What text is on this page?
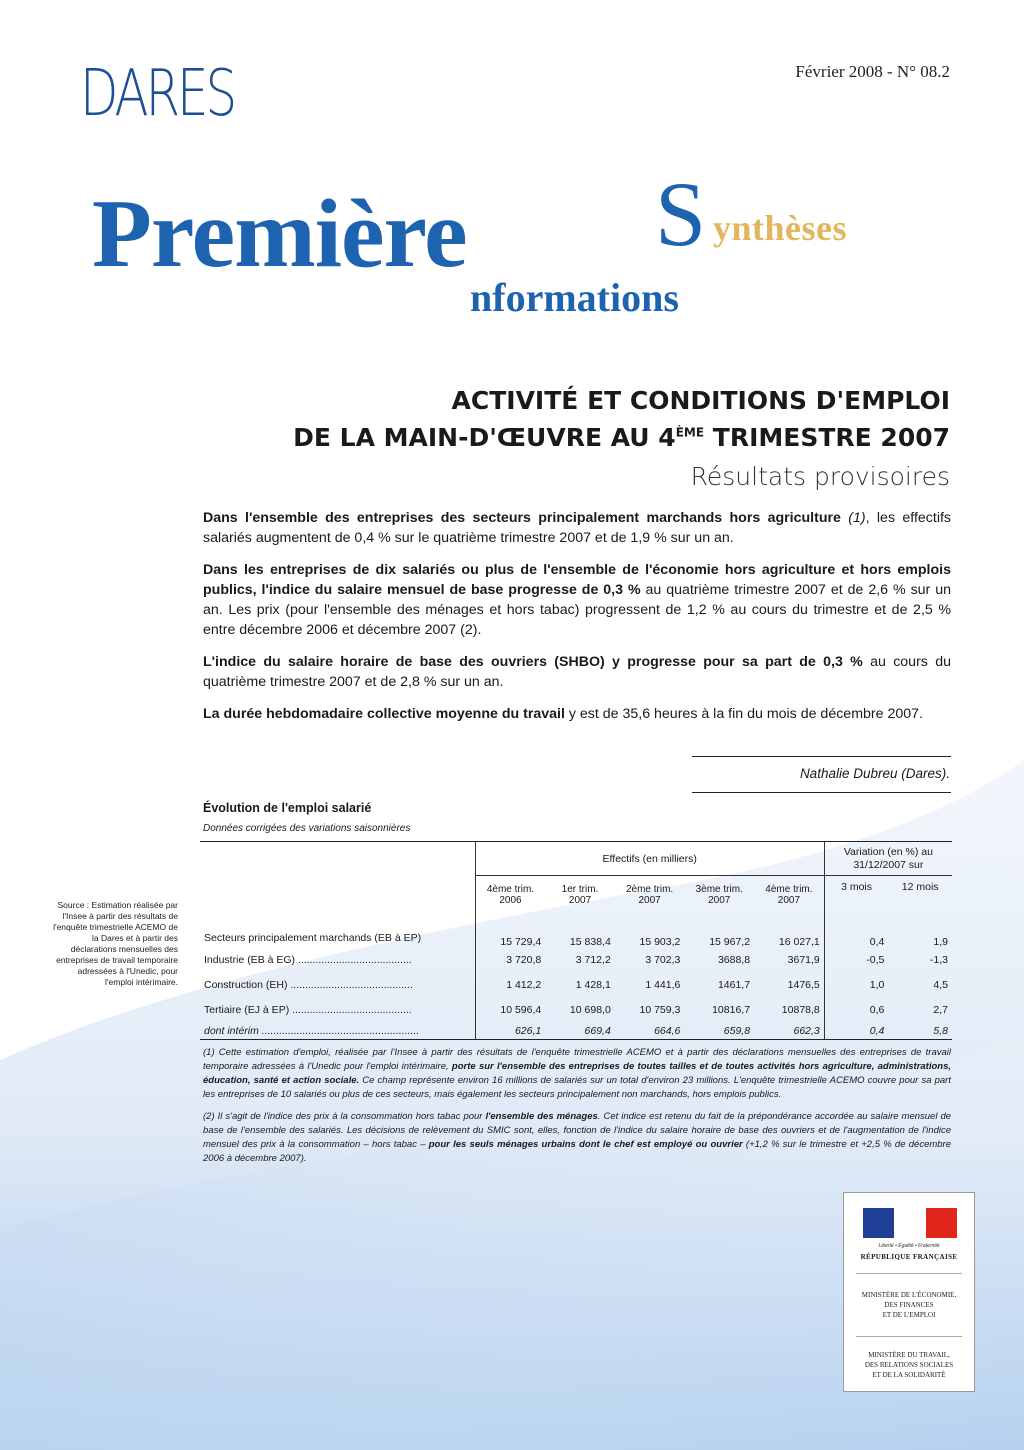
DARES	Février 2008 - N° 08.2
Première S ynthèses
nformations
ACTIVITÉ ET CONDITIONS D'EMPLOI
DE LA MAIN-D'ŒUVRE AU 4ÈME TRIMESTRE 2007
Résultats provisoires

Dans l'ensemble des entreprises des secteurs principalement marchands hors agriculture (1), les effectifs salariés augmentent de 0,4 % sur le quatrième trimestre 2007 et de 1,9 % sur un an.

Dans les entreprises de dix salariés ou plus de l'ensemble de l'économie hors agriculture et hors emplois publics, l'indice du salaire mensuel de base progresse de 0,3 % au quatrième trimestre 2007 et de 2,6 % sur un an. Les prix (pour l'ensemble des ménages et hors tabac) progressent de 1,2 % au cours du trimestre et de 2,5 % entre décembre 2006 et décembre 2007 (2).

L'indice du salaire horaire de base des ouvriers (SHBO) y progresse pour sa part de 0,3 % au cours du quatrième trimestre 2007 et de 2,8 % sur un an.

La durée hebdomadaire collective moyenne du travail y est de 35,6 heures à la fin du mois de décembre 2007.

Nathalie Dubreu (Dares).
Évolution de l'emploi salarié
Données corrigées des variations saisonnières
	Effectifs (en milliers)					Variation (en %) au 31/12/2007 sur	
	4ème trim. 2006	1er trim. 2007	2ème trim. 2007	3ème trim. 2007	4ème trim. 2007	3 mois	12 mois
Secteurs principalement marchands (EB à EP)	15 729,4	15 838,4	15 903,2	15 967,2	16 027,1	0,4	1,9
Industrie (EB à EG) .......................................	3 720,8	3 712,2	3 702,3	3688,8	3671,9	-0,5	-1,3
Construction (EH) ..........................................	1 412,2	1 428,1	1 441,6	1461,7	1476,5	1,0	4,5
Tertiaire (EJ à EP) .........................................	10 596,4	10 698,0	10 759,3	10816,7	10878,8	0,6	2,7
dont intérim ......................................................	626,1	669,4	664,6	659,8	662,3	0,4	5,8
Source : Estimation réalisée par l'Insee à partir des résultats de l'enquête trimestrielle ACEMO de la Dares et à partir des déclarations mensuelles des entreprises de travail temporaire adressées à l'Unedic, pour l'emploi intérimaire.

(1) Cette estimation d'emploi, réalisée par l'Insee à partir des résultats de l'enquête trimestrielle ACEMO et à partir des déclarations mensuelles des entreprises de travail temporaire adressées à l'Unedic pour l'emploi intérimaire, porte sur l'ensemble des entreprises de toutes tailles et de toutes activités hors agriculture, administrations, éducation, santé et action sociale. Ce champ représente environ 16 millions de salariés sur un total d'environ 23 millions. L'enquête trimestrielle ACEMO couvre pour sa part les entreprises de 10 salariés ou plus de ces secteurs, mais également les secteurs principalement non marchands, hors emplois publics.

(2) Il s'agit de l'indice des prix à la consommation hors tabac pour l'ensemble des ménages. Cet indice est retenu du fait de la prépondérance accordée au salaire mensuel de base de l'ensemble des salariés. Les décisions de relèvement du SMIC sont, elles, fonction de l'indice du salaire horaire de base des ouvriers et de l'augmentation de l'indice mensuel des prix à la consommation – hors tabac – pour les seuls ménages urbains dont le chef est employé ou ouvrier (+1,2 % sur le trimestre et +2,5 % de décembre 2006 à décembre 2007).

Liberté • Égalité • Fraternité
RÉPUBLIQUE FRANÇAISE
MINISTÈRE DE L'ÉCONOMIE,
DES FINANCES
ET DE L'EMPLOI
MINISTÈRE DU TRAVAIL,
DES RELATIONS SOCIALES
ET DE LA SOLIDARITÉ
